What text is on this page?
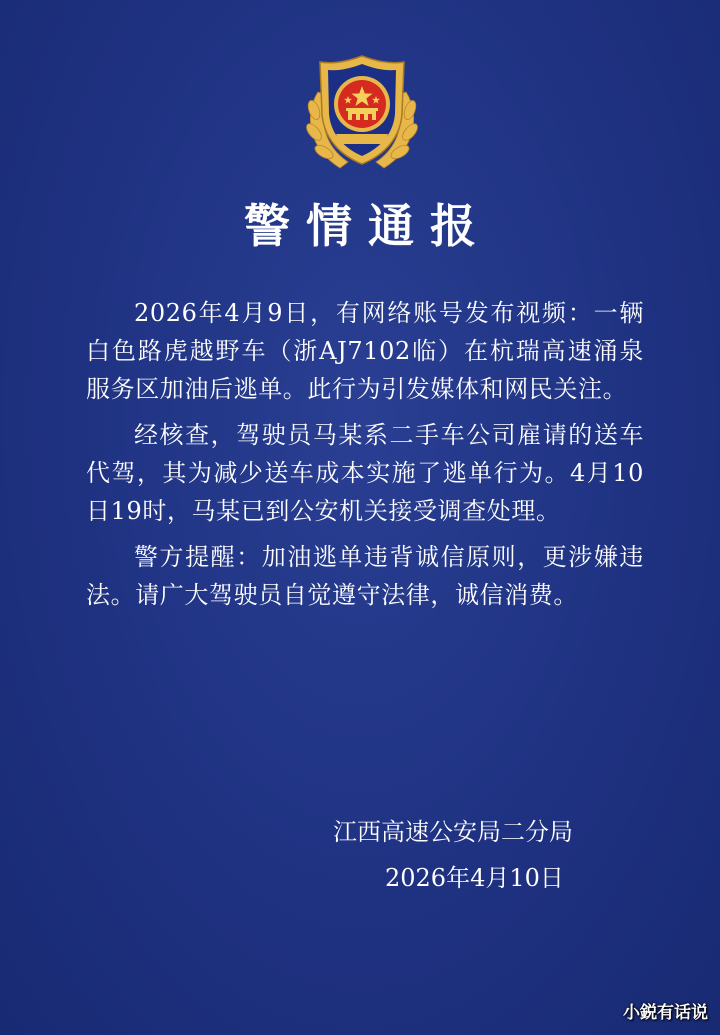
警情通报

2026年4月9日，有网络账号发布视频：一辆白色路虎越野车（浙AJ7102临）在杭瑞高速涌泉服务区加油后逃单。此行为引发媒体和网民关注。

经核查，驾驶员马某系二手车公司雇请的送车代驾，其为减少送车成本实施了逃单行为。4月10日19时，马某已到公安机关接受调查处理。

警方提醒：加油逃单违背诚信原则，更涉嫌违法。请广大驾驶员自觉遵守法律，诚信消费。

江西高速公安局二分局
2026年4月10日
小鋭有话说
